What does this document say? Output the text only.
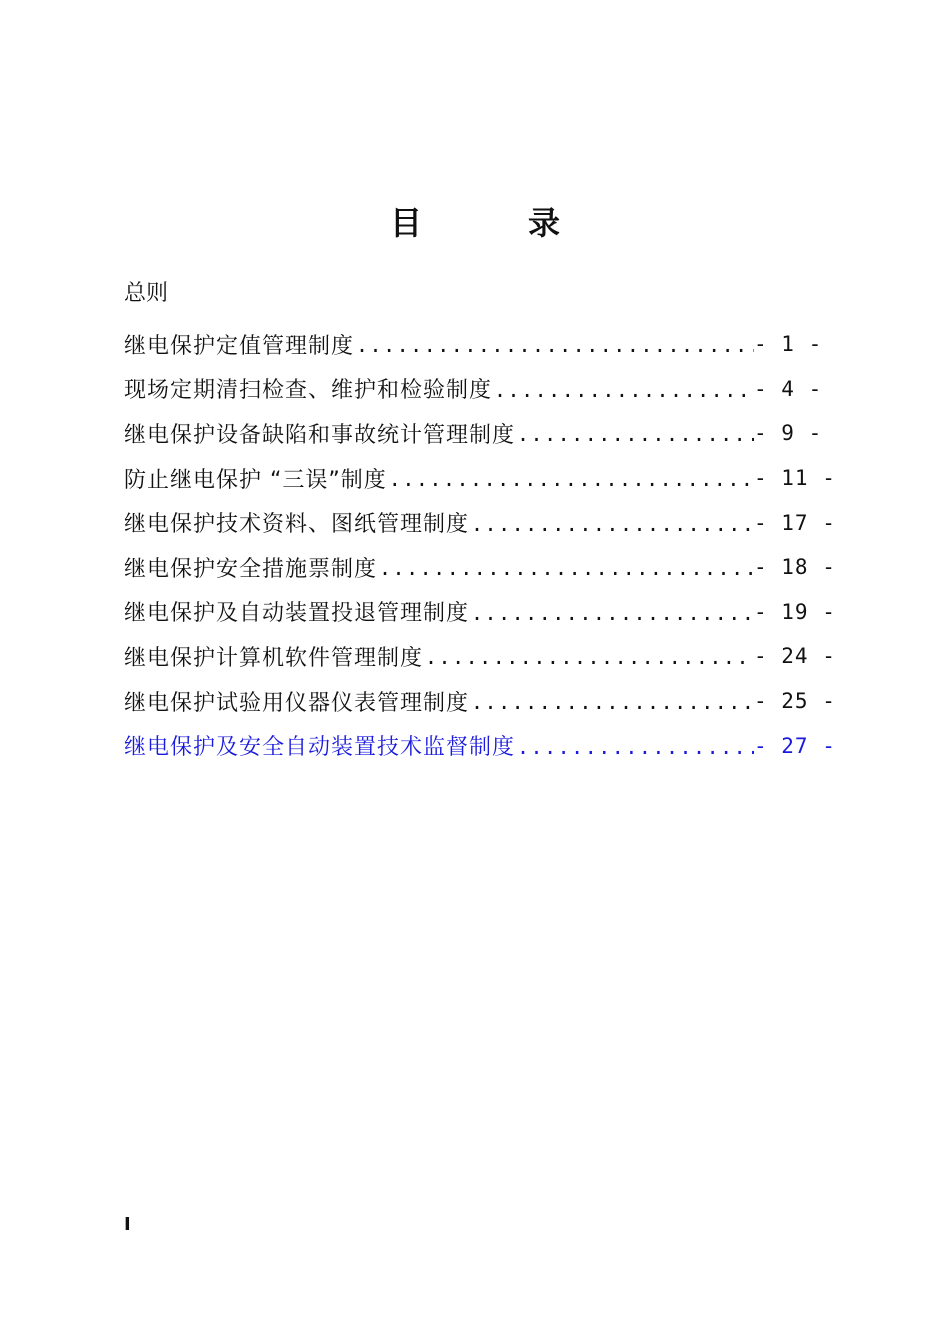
目	录
总则
继电保护定值管理制度 .....	- 1 -
现场定期清扫检查、维护和检验制度 .....	- 4 -
继电保护设备缺陷和事故统计管理制度 .....	- 9 -
防止继电保护 “三误”制度 .....	- 11 -
继电保护技术资料、图纸管理制度 .....	- 17 -
继电保护安全措施票制度 .....	- 18 -
继电保护及自动装置投退管理制度 .....	- 19 -
继电保护计算机软件管理制度 .....	- 24 -
继电保护试验用仪器仪表管理制度 .....	- 25 -
继电保护及安全自动装置技术监督制度 .....	- 27 -
I
